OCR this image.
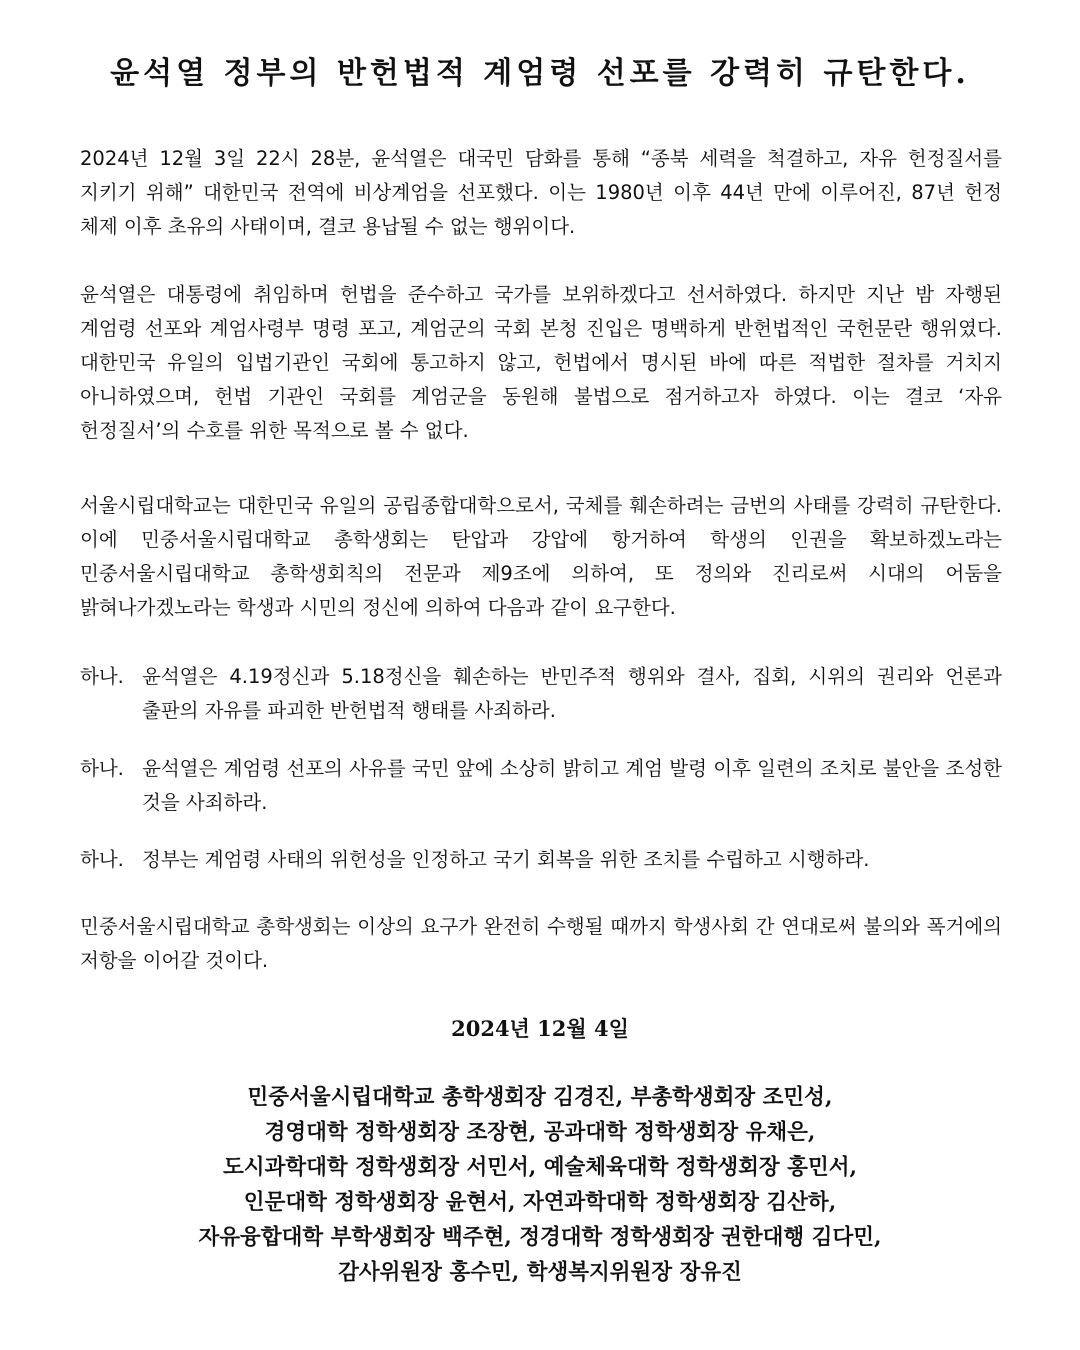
윤석열 정부의 반헌법적 계엄령 선포를 강력히 규탄한다.

2024년 12월 3일 22시 28분, 윤석열은 대국민 담화를 통해 “종북 세력을 척결하고, 자유 헌정질서를 지키기 위해” 대한민국 전역에 비상계엄을 선포했다. 이는 1980년 이후 44년 만에 이루어진, 87년 헌정 체제 이후 초유의 사태이며, 결코 용납될 수 없는 행위이다.

윤석열은 대통령에 취임하며 헌법을 준수하고 국가를 보위하겠다고 선서하였다. 하지만 지난 밤 자행된 계엄령 선포와 계엄사령부 명령 포고, 계엄군의 국회 본청 진입은 명백하게 반헌법적인 국헌문란 행위였다. 대한민국 유일의 입법기관인 국회에 통고하지 않고, 헌법에서 명시된 바에 따른 적법한 절차를 거치지 아니하였으며, 헌법 기관인 국회를 계엄군을 동원해 불법으로 점거하고자 하였다. 이는 결코 ‘자유 헌정질서’의 수호를 위한 목적으로 볼 수 없다.

서울시립대학교는 대한민국 유일의 공립종합대학으로서, 국체를 훼손하려는 금번의 사태를 강력히 규탄한다. 이에 민중서울시립대학교 총학생회는 탄압과 강압에 항거하여 학생의 인권을 확보하겠노라는 민중서울시립대학교 총학생회칙의 전문과 제9조에 의하여, 또 정의와 진리로써 시대의 어둠을 밝혀나가겠노라는 학생과 시민의 정신에 의하여 다음과 같이 요구한다.

하나. 윤석열은 4.19정신과 5.18정신을 훼손하는 반민주적 행위와 결사, 집회, 시위의 권리와 언론과 출판의 자유를 파괴한 반헌법적 행태를 사죄하라.
하나. 윤석열은 계엄령 선포의 사유를 국민 앞에 소상히 밝히고 계엄 발령 이후 일련의 조치로 불안을 조성한 것을 사죄하라.
하나. 정부는 계엄령 사태의 위헌성을 인정하고 국기 회복을 위한 조치를 수립하고 시행하라.

민중서울시립대학교 총학생회는 이상의 요구가 완전히 수행될 때까지 학생사회 간 연대로써 불의와 폭거에의 저항을 이어갈 것이다.

2024년 12월 4일
민중서울시립대학교 총학생회장 김경진, 부총학생회장 조민성,
경영대학 정학생회장 조장현, 공과대학 정학생회장 유채은,
도시과학대학 정학생회장 서민서, 예술체육대학 정학생회장 홍민서,
인문대학 정학생회장 윤현서, 자연과학대학 정학생회장 김산하,
자유융합대학 부학생회장 백주현, 정경대학 정학생회장 권한대행 김다민,
감사위원장 홍수민, 학생복지위원장 장유진
